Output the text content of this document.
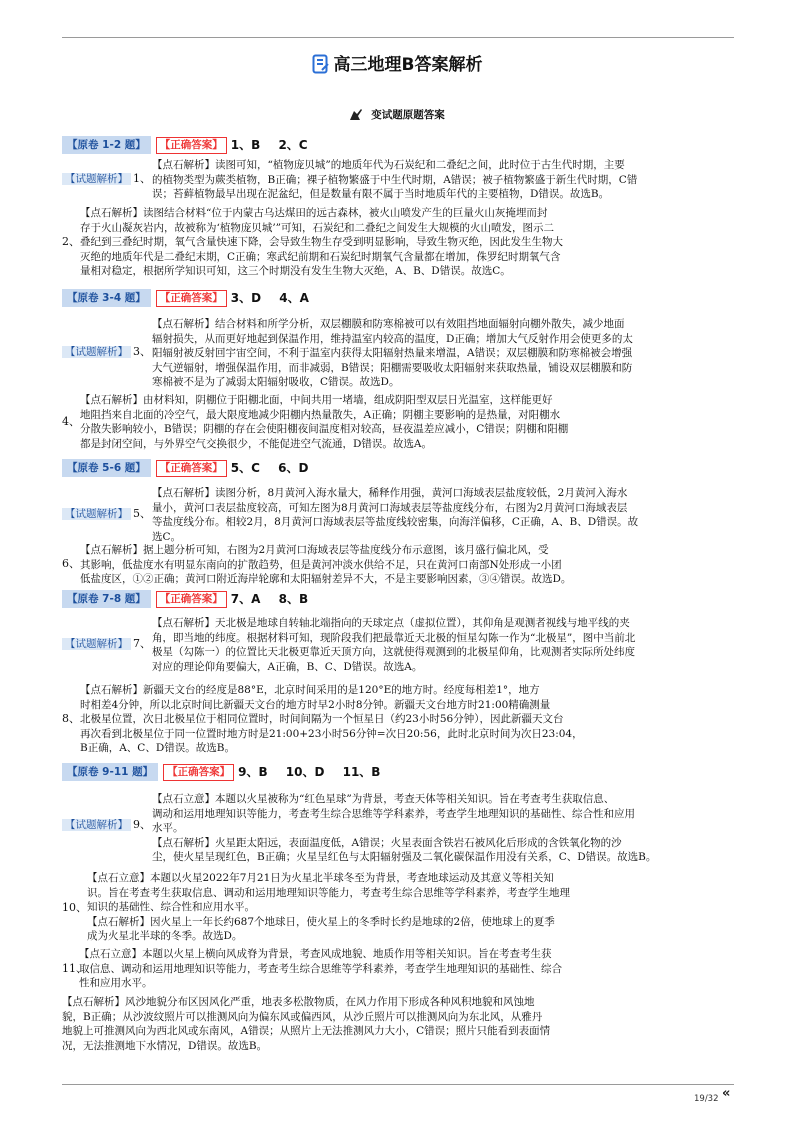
高三地理B答案解析
变试题原题答案
【原卷 1-2 题】	【正确答案】 1、B 2、C
【试题解析】 1、
【点石解析】读图可知，“植物庞贝城”的地质年代为石炭纪和二叠纪之间，此时位于古生代时期，主要
的植物类型为蕨类植物，B正确；裸子植物繁盛于中生代时期，A错误；被子植物繁盛于新生代时期，C错
误；苔藓植物最早出现在泥盆纪，但是数量有限不属于当时地质年代的主要植物，D错误。故选B。
2、
【点石解析】读图结合材料“位于内蒙古乌达煤田的远古森林，被火山喷发产生的巨量火山灰掩埋而封
存于火山凝灰岩内，故被称为‘植物庞贝城’”可知，石炭纪和二叠纪之间发生大规模的火山喷发，图示二
叠纪到三叠纪时期，氧气含量快速下降，会导致生物生存受到明显影响，导致生物灭绝，因此发生生物大
灭绝的地质年代是二叠纪末期，C正确；寒武纪前期和石炭纪时期氧气含量都在增加，侏罗纪时期氧气含
量相对稳定，根据所学知识可知，这三个时期没有发生生物大灭绝，A、B、D错误。故选C。
【原卷 3-4 题】	【正确答案】 3、D 4、A
【试题解析】 3、
【点石解析】结合材料和所学分析，双层棚膜和防寒棉被可以有效阻挡地面辐射向棚外散失，减少地面
辐射损失，从而更好地起到保温作用，维持温室内较高的温度，D正确；增加大气反射作用会使更多的太
阳辐射被反射回宇宙空间，不利于温室内获得太阳辐射热量来增温，A错误；双层棚膜和防寒棉被会增强
大气逆辐射，增强保温作用，而非减弱，B错误；阳棚需要吸收太阳辐射来获取热量，铺设双层棚膜和防
寒棉被不是为了减弱太阳辐射吸收，C错误。故选D。
4、
【点石解析】由材料知，阴棚位于阳棚北面，中间共用一堵墙，组成阴阳型双层日光温室，这样能更好
地阻挡来自北面的冷空气，最大限度地减少阳棚内热量散失，A正确；阴棚主要影响的是热量，对阳棚水
分散失影响较小，B错误；阴棚的存在会使阳棚夜间温度相对较高，昼夜温差应减小，C错误；阴棚和阳棚
都是封闭空间，与外界空气交换很少，不能促进空气流通，D错误。故选A。
【原卷 5-6 题】	【正确答案】 5、C 6、D
【试题解析】 5、
【点石解析】读图分析，8月黄河入海水量大，稀释作用强，黄河口海域表层盐度较低，2月黄河入海水
量小，黄河口表层盐度较高，可知左图为8月黄河口海域表层等盐度线分布，右图为2月黄河口海域表层
等盐度线分布。相较2月，8月黄河口海域表层等盐度线较密集，向海洋偏移，C正确，A、B、D错误。故
选C。
6、
【点石解析】据上题分析可知，右图为2月黄河口海域表层等盐度线分布示意图，该月盛行偏北风，受
其影响，低盐度水有明显东南向的扩散趋势，但是黄河冲淡水供给不足，只在黄河口南部N处形成一小团
低盐度区，①②正确；黄河口附近海岸轮廓和太阳辐射差异不大，不是主要影响因素，③④错误。故选D。
【原卷 7-8 题】	【正确答案】 7、A 8、B
【试题解析】 7、
【点石解析】天北极是地球自转轴北端指向的天球定点（虚拟位置），其仰角是观测者视线与地平线的夹
角，即当地的纬度。根据材料可知，现阶段我们把最靠近天北极的恒星勾陈一作为“北极星”，图中当前北
极星（勾陈一）的位置比天北极更靠近天顶方向，这就使得观测到的北极星仰角，比观测者实际所处纬度
对应的理论仰角要偏大，A正确，B、C、D错误。故选A。
8、
【点石解析】新疆天文台的经度是88°E，北京时间采用的是120°E的地方时。经度每相差1°，地方
时相差4分钟，所以北京时间比新疆天文台的地方时早2小时8分钟。新疆天文台地方时21:00精确测量
北极星位置，次日北极星位于相同位置时，时间间隔为一个恒星日（约23小时56分钟），因此新疆天文台
再次看到北极星位于同一位置时地方时是21:00+23小时56分钟=次日20:56，此时北京时间为次日23:04，
B正确，A、C、D错误。故选B。
【原卷 9-11 题】	【正确答案】 9、B 10、D 11、B
【试题解析】 9、
【点石立意】本题以火星被称为“红色星球”为背景，考查天体等相关知识。旨在考查考生获取信息、
调动和运用地理知识等能力，考查考生综合思维等学科素养，考查学生地理知识的基础性、综合性和应用
水平。
【点石解析】火星距太阳远，表面温度低，A错误；火星表面含铁岩石被风化后形成的含铁氧化物的沙
尘，使火星呈现红色，B正确；火星呈红色与太阳辐射强及二氧化碳保温作用没有关系，C、D错误。故选B。
10、
【点石立意】本题以火星2022年7月21日为火星北半球冬至为背景，考查地球运动及其意义等相关知
识。旨在考查考生获取信息、调动和运用地理知识等能力，考查考生综合思维等学科素养，考查学生地理
知识的基础性、综合性和应用水平。
【点石解析】因火星上一年长约687个地球日，使火星上的冬季时长约是地球的2倍，使地球上的夏季
成为火星北半球的冬季。故选D。
11、
【点石立意】本题以火星上横向风成脊为背景，考查风成地貌、地质作用等相关知识。旨在考查考生获
取信息、调动和运用地理知识等能力，考查考生综合思维等学科素养，考查学生地理知识的基础性、综合
性和应用水平。
【点石解析】风沙地貌分布区因风化严重，地表多松散物质，在风力作用下形成各种风积地貌和风蚀地
貌，B正确；从沙波纹照片可以推测风向为偏东风或偏西风，从沙丘照片可以推测风向为东北风，从雅丹
地貌上可推测风向为西北风或东南风，A错误；从照片上无法推测风力大小，C错误；照片只能看到表面情
况，无法推测地下水情况，D错误。故选B。
19/32 «
